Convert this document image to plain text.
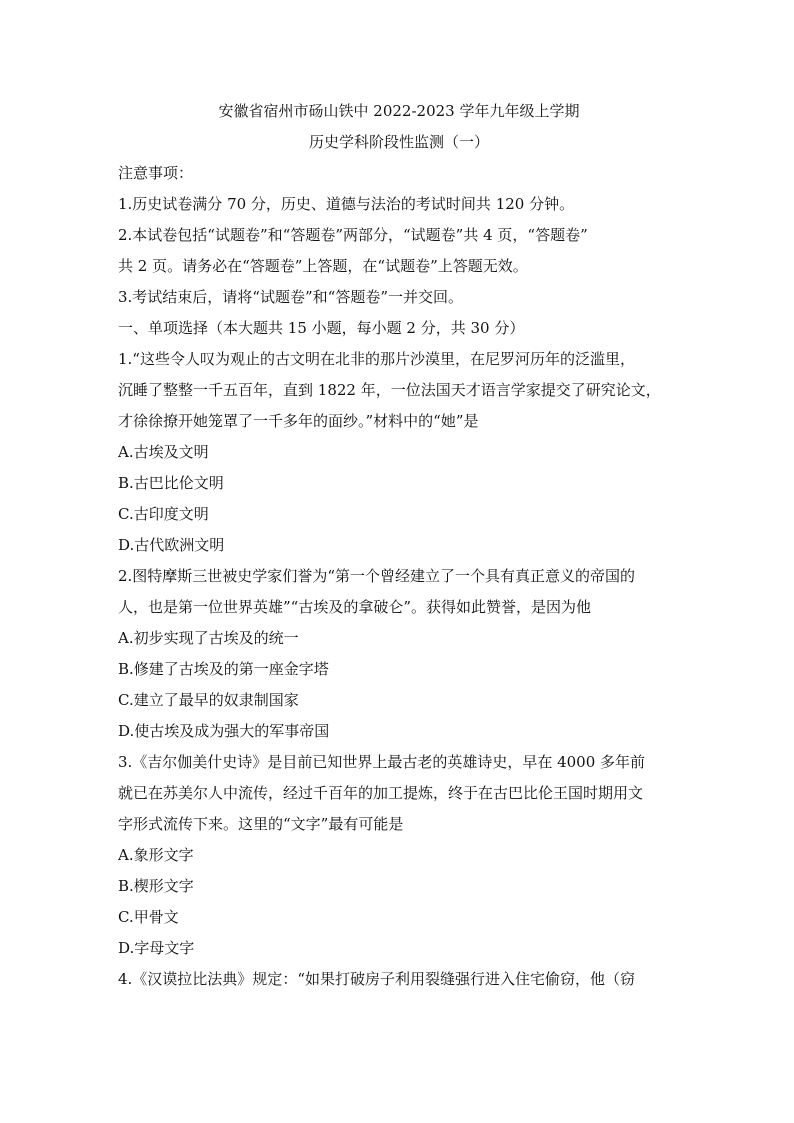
安徽省宿州市砀山铁中 2022-2023 学年九年级上学期
历史学科阶段性监测（一）
注意事项：
1.历史试卷满分 70 分，历史、道德与法治的考试时间共 120 分钟。
2.本试卷包括“试题卷”和“答题卷”两部分，“试题卷”共 4 页，“答题卷”
共 2 页。请务必在“答题卷”上答题，在“试题卷”上答题无效。
3.考试结束后，请将“试题卷”和“答题卷”一并交回。
一、单项选择（本大题共 15 小题，每小题 2 分，共 30 分）
1.“这些令人叹为观止的古文明在北非的那片沙漠里，在尼罗河历年的泛滥里，
沉睡了整整一千五百年，直到 1822 年，一位法国天才语言学家提交了研究论文，
才徐徐撩开她笼罩了一千多年的面纱。”材料中的“她”是
A.古埃及文明
B.古巴比伦文明
C.古印度文明
D.古代欧洲文明
2.图特摩斯三世被史学家们誉为“第一个曾经建立了一个具有真正意义的帝国的
人，也是第一位世界英雄”“古埃及的拿破仑”。获得如此赞誉，是因为他
A.初步实现了古埃及的统一
B.修建了古埃及的第一座金字塔
C.建立了最早的奴隶制国家
D.使古埃及成为强大的军事帝国
3.《吉尔伽美什史诗》是目前已知世界上最古老的英雄诗史，早在 4000 多年前
就已在苏美尔人中流传，经过千百年的加工提炼，终于在古巴比伦王国时期用文
字形式流传下来。这里的“文字”最有可能是
A.象形文字
B.楔形文字
C.甲骨文
D.字母文字
4.《汉谟拉比法典》规定：“如果打破房子利用裂缝强行进入住宅偷窃，他（窃
